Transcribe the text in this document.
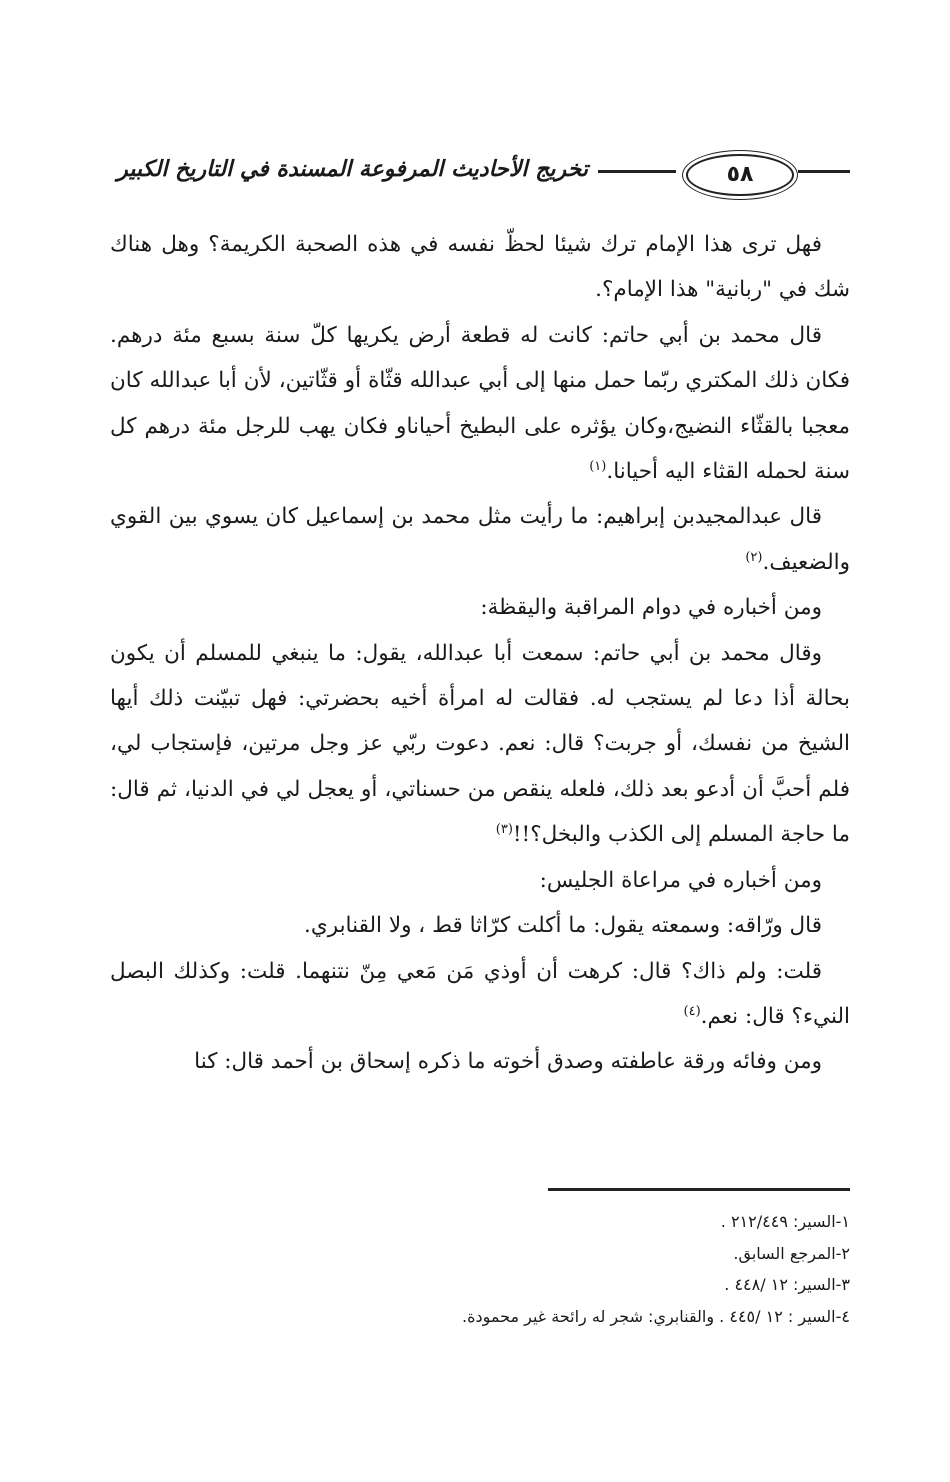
٥٨
تخريج الأحاديث المرفوعة المسندة في التاريخ الكبير

فهل ترى هذا الإمام ترك شيئا لحظّ نفسه في هذه الصحبة الكريمة؟ وهل هناك شك في "ربانية" هذا الإمام؟.

قال محمد بن أبي حاتم: كانت له قطعة أرض يكريها كلّ سنة بسبع مئة درهم. فكان ذلك المكتري ربّما حمل منها إلى أبي عبدالله قثّاة أو قثّاتين، لأن أبا عبدالله كان معجبا بالقثّاء النضيج،وكان يؤثره على البطيخ أحياناو فكان يهب للرجل مئة درهم كل سنة لحمله القثاء اليه أحيانا.$^{(١)}$

قال عبدالمجيدبن إبراهيم: ما رأيت مثل محمد بن إسماعيل كان يسوي بين القوي والضعيف.$^{(٢)}$

ومن أخباره في دوام المراقبة واليقظة:

وقال محمد بن أبي حاتم: سمعت أبا عبدالله، يقول: ما ينبغي للمسلم أن يكون بحالة أذا دعا لم يستجب له. فقالت له امرأة أخيه بحضرتي: فهل تبيّنت ذلك أيها الشيخ من نفسك، أو جربت؟ قال: نعم. دعوت ربّي عز وجل مرتين، فإستجاب لي، فلم أحبَّ أن أدعو بعد ذلك، فلعله ينقص من حسناتي، أو يعجل لي في الدنيا، ثم قال: ما حاجة المسلم إلى الكذب والبخل؟!!$^{(٣)}$

ومن أخباره في مراعاة الجليس:

قال ورّاقه: وسمعته يقول: ما أكلت كرّاثا قط ، ولا القنابري.

قلت: ولم ذاك؟ قال: كرهت أن أوذي مَن مَعي مِنّ نتنهما. قلت: وكذلك البصل النيء؟ قال: نعم.$^{(٤)}$

ومن وفائه ورقة عاطفته وصدق أخوته ما ذكره إسحاق بن أحمد قال: كنا

١-السير: ٢١٢/٤٤٩ .
٢-المرجع السابق.
٣-السير: ١٢ /٤٤٨ .
٤-السير : ١٢ /٤٤٥ . والقنابري: شجر له رائحة غير محمودة.
